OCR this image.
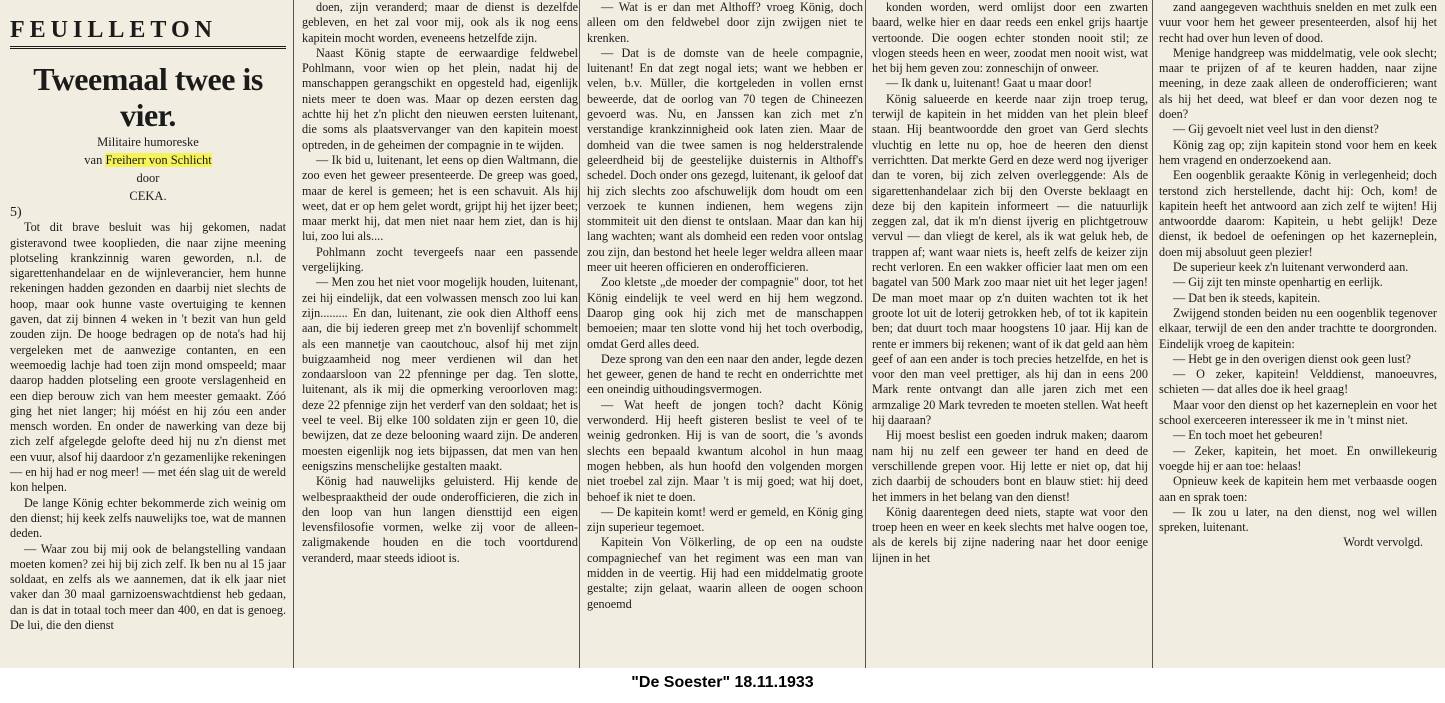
FEUILLETON
Tweemaal twee is vier.

Militaire humoreske

van Freiherr von Schlicht

door

CEKA.

5)

Tot dit brave besluit was hij gekomen, nadat gisteravond twee kooplieden, die naar zijne meening plotseling krankzinnig waren geworden, n.l. de sigarettenhandelaar en de wijnleverancier, hem hunne rekeningen hadden gezonden en daarbij niet slechts de hoop, maar ook hunne vaste overtuiging te kennen gaven, dat zij binnen 4 weken in 't bezit van hun geld zouden zijn. De hooge bedragen op de nota's had hij vergeleken met de aanwezige contanten, en een weemoedig lachje had toen zijn mond omspeeld; maar daarop hadden plotseling een groote verslagenheid en een diep berouw zich van hem meester gemaakt. Zóó ging het niet langer; hij móést en hij zóu een ander mensch worden. En onder de nawerking van deze bij zich zelf afgelegde gelofte deed hij nu z'n dienst met een vuur, alsof hij daardoor z'n gezamenlijke rekeningen — en hij had er nog meer! — met één slag uit de wereld kon helpen.

De lange König echter bekommerde zich weinig om den dienst; hij keek zelfs nauwelijks toe, wat de mannen deden.

— Waar zou bij mij ook de belangstelling vandaan moeten komen? zei hij bij zich zelf. Ik ben nu al 15 jaar soldaat, en zelfs als we aannemen, dat ik elk jaar niet vaker dan 30 maal garnizoenswachtdienst heb gedaan, dan is dat in totaal toch meer dan 400, en dat is genoeg. De lui, die den dienst

doen, zijn veranderd; maar de dienst is dezelfde gebleven, en het zal voor mij, ook als ik nog eens kapitein mocht worden, eveneens hetzelfde zijn.

Naast König stapte de eerwaardige feldwebel Pohlmann, voor wien op het plein, nadat hij de manschappen gerangschikt en opgesteld had, eigenlijk niets meer te doen was. Maar op dezen eersten dag achtte hij het z'n plicht den nieuwen eersten luitenant, die soms als plaatsvervanger van den kapitein moest optreden, in de geheimen der compagnie in te wijden.

— Ik bid u, luitenant, let eens op dien Waltmann, die zoo even het geweer presenteerde. De greep was goed, maar de kerel is gemeen; het is een schavuit. Als hij weet, dat er op hem gelet wordt, grijpt hij het ijzer beet; maar merkt hij, dat men niet naar hem ziet, dan is hij lui, zoo lui als....

Pohlmann zocht tevergeefs naar een passende vergelijking.

— Men zou het niet voor mogelijk houden, luitenant, zei hij eindelijk, dat een volwassen mensch zoo lui kan zijn......... En dan, luitenant, zie ook dien Althoff eens aan, die bij iederen greep met z'n bovenlijf schommelt als een mannetje van caoutchouc, alsof hij met zijn buigzaamheid nog meer verdienen wil dan het zondaarsloon van 22 pfenninge per dag. Ten slotte, luitenant, als ik mij die opmerking veroorloven mag: deze 22 pfennige zijn het verderf van den soldaat; het is veel te veel. Bij elke 100 soldaten zijn er geen 10, die bewijzen, dat ze deze belooning waard zijn. De anderen moesten eigenlijk nog iets bijpassen, dat men van hen eenigszins menschelijke gestalten maakt.

König had nauwelijks geluisterd. Hij kende de welbespraaktheid der oude onderofficieren, die zich in den loop van hun langen diensttijd een eigen levensfilosofie vormen, welke zij voor de alleen-zaligmakende houden en die toch voortdurend veranderd, maar steeds idioot is.

— Wat is er dan met Althoff? vroeg König, doch alleen om den feldwebel door zijn zwijgen niet te krenken.

— Dat is de domste van de heele compagnie, luitenant! En dat zegt nogal iets; want we hebben er velen, b.v. Müller, die kortgeleden in vollen ernst beweerde, dat de oorlog van 70 tegen de Chineezen gevoerd was. Nu, en Janssen kan zich met z'n verstandige krankzinnigheid ook laten zien. Maar de domheid van die twee samen is nog helderstralende geleerdheid bij de geestelijke duisternis in Althoff's schedel. Doch onder ons gezegd, luitenant, ik geloof dat hij zich slechts zoo afschuwelijk dom houdt om een verzoek te kunnen indienen, hem wegens zijn stommiteit uit den dienst te ontslaan. Maar dan kan hij lang wachten; want als domheid een reden voor ontslag zou zijn, dan bestond het heele leger weldra alleen maar meer uit heeren officieren en onderofficieren.

Zoo kletste „de moeder der compagnie" door, tot het König eindelijk te veel werd en hij hem wegzond. Daarop ging ook hij zich met de manschappen bemoeien; maar ten slotte vond hij het toch overbodig, omdat Gerd alles deed.

Deze sprong van den een naar den ander, legde dezen het geweer, genen de hand te recht en onderrichtte met een oneindig uithoudingsvermogen.

— Wat heeft de jongen toch? dacht König verwonderd. Hij heeft gisteren beslist te veel of te weinig gedronken. Hij is van de soort, die 's avonds slechts een bepaald kwantum alcohol in hun maag mogen hebben, als hun hoofd den volgenden morgen niet troebel zal zijn. Maar 't is mij goed; wat hij doet, behoef ik niet te doen.

— De kapitein komt! werd er gemeld, en König ging zijn superieur tegemoet.

Kapitein Von Völkerling, de op een na oudste compagniechef van het regiment was een man van midden in de veertig. Hij had een middelmatig groote gestalte; zijn gelaat, waarin alleen de oogen schoon genoemd

konden worden, werd omlijst door een zwarten baard, welke hier en daar reeds een enkel grijs haartje vertoonde. Die oogen echter stonden nooit stil; ze vlogen steeds heen en weer, zoodat men nooit wist, wat het bij hem geven zou: zonneschijn of onweer.

— Ik dank u, luitenant! Gaat u maar door!

König salueerde en keerde naar zijn troep terug, terwijl de kapitein in het midden van het plein bleef staan. Hij beantwoordde den groet van Gerd slechts vluchtig en lette nu op, hoe de heeren den dienst verrichtten. Dat merkte Gerd en deze werd nog ijveriger dan te voren, bij zich zelven overleggende: Als de sigarettenhandelaar zich bij den Overste beklaagt en deze bij den kapitein informeert — die natuurlijk zeggen zal, dat ik m'n dienst ijverig en plichtgetrouw vervul — dan vliegt de kerel, als ik wat geluk heb, de trappen af; want waar niets is, heeft zelfs de keizer zijn recht verloren. En een wakker officier laat men om een bagatel van 500 Mark zoo maar niet uit het leger jagen! De man moet maar op z'n duiten wachten tot ik het groote lot uit de loterij getrokken heb, of tot ik kapitein ben; dat duurt toch maar hoogstens 10 jaar. Hij kan de rente er immers bij rekenen; want of ik dat geld aan hèm geef of aan een ander is toch precies hetzelfde, en het is voor den man veel prettiger, als hij dan in eens 200 Mark rente ontvangt dan alle jaren zich met een armzalige 20 Mark tevreden te moeten stellen. Wat heeft hij daaraan?

Hij moest beslist een goeden indruk maken; daarom nam hij nu zelf een geweer ter hand en deed de verschillende grepen voor. Hij lette er niet op, dat hij zich daarbij de schouders bont en blauw stiet: hij deed het immers in het belang van den dienst!

König daarentegen deed niets, stapte wat voor den troep heen en weer en keek slechts met halve oogen toe, als de kerels bij zijne nadering naar het door eenige lijnen in het

zand aangegeven wachthuis snelden en met zulk een vuur voor hem het geweer presenteerden, alsof hij het recht had over hun leven of dood.

Menige handgreep was middelmatig, vele ook slecht; maar te prijzen of af te keuren hadden, naar zijne meening, in deze zaak alleen de onderofficieren; want als hij het deed, wat bleef er dan voor dezen nog te doen?

— Gij gevoelt niet veel lust in den dienst?

König zag op; zijn kapitein stond voor hem en keek hem vragend en onderzoekend aan.

Een oogenblik geraakte König in verlegenheid; doch terstond zich herstellende, dacht hij: Och, kom! de kapitein heeft het antwoord aan zich zelf te wijten! Hij antwoordde daarom: Kapitein, u hebt gelijk! Deze dienst, ik bedoel de oefeningen op het kazerneplein, doen mij absoluut geen plezier!

De superieur keek z'n luitenant verwonderd aan.

— Gij zijt ten minste openhartig en eerlijk.

— Dat ben ik steeds, kapitein.

Zwijgend stonden beiden nu een oogenblik tegenover elkaar, terwijl de een den ander trachtte te doorgronden. Eindelijk vroeg de kapitein:

— Hebt ge in den overigen dienst ook geen lust?

— O zeker, kapitein! Velddienst, manoeuvres, schieten — dat alles doe ik heel graag!

Maar voor den dienst op het kazerneplein en voor het school exerceeren interesseer ik me in 't minst niet.

— En toch moet het gebeuren!

— Zeker, kapitein, het moet. En onwillekeurig voegde hij er aan toe: helaas!

Opnieuw keek de kapitein hem met verbaasde oogen aan en sprak toen:

— Ik zou u later, na den dienst, nog wel willen spreken, luitenant.

Wordt vervolgd.

"De Soester" 18.11.1933
